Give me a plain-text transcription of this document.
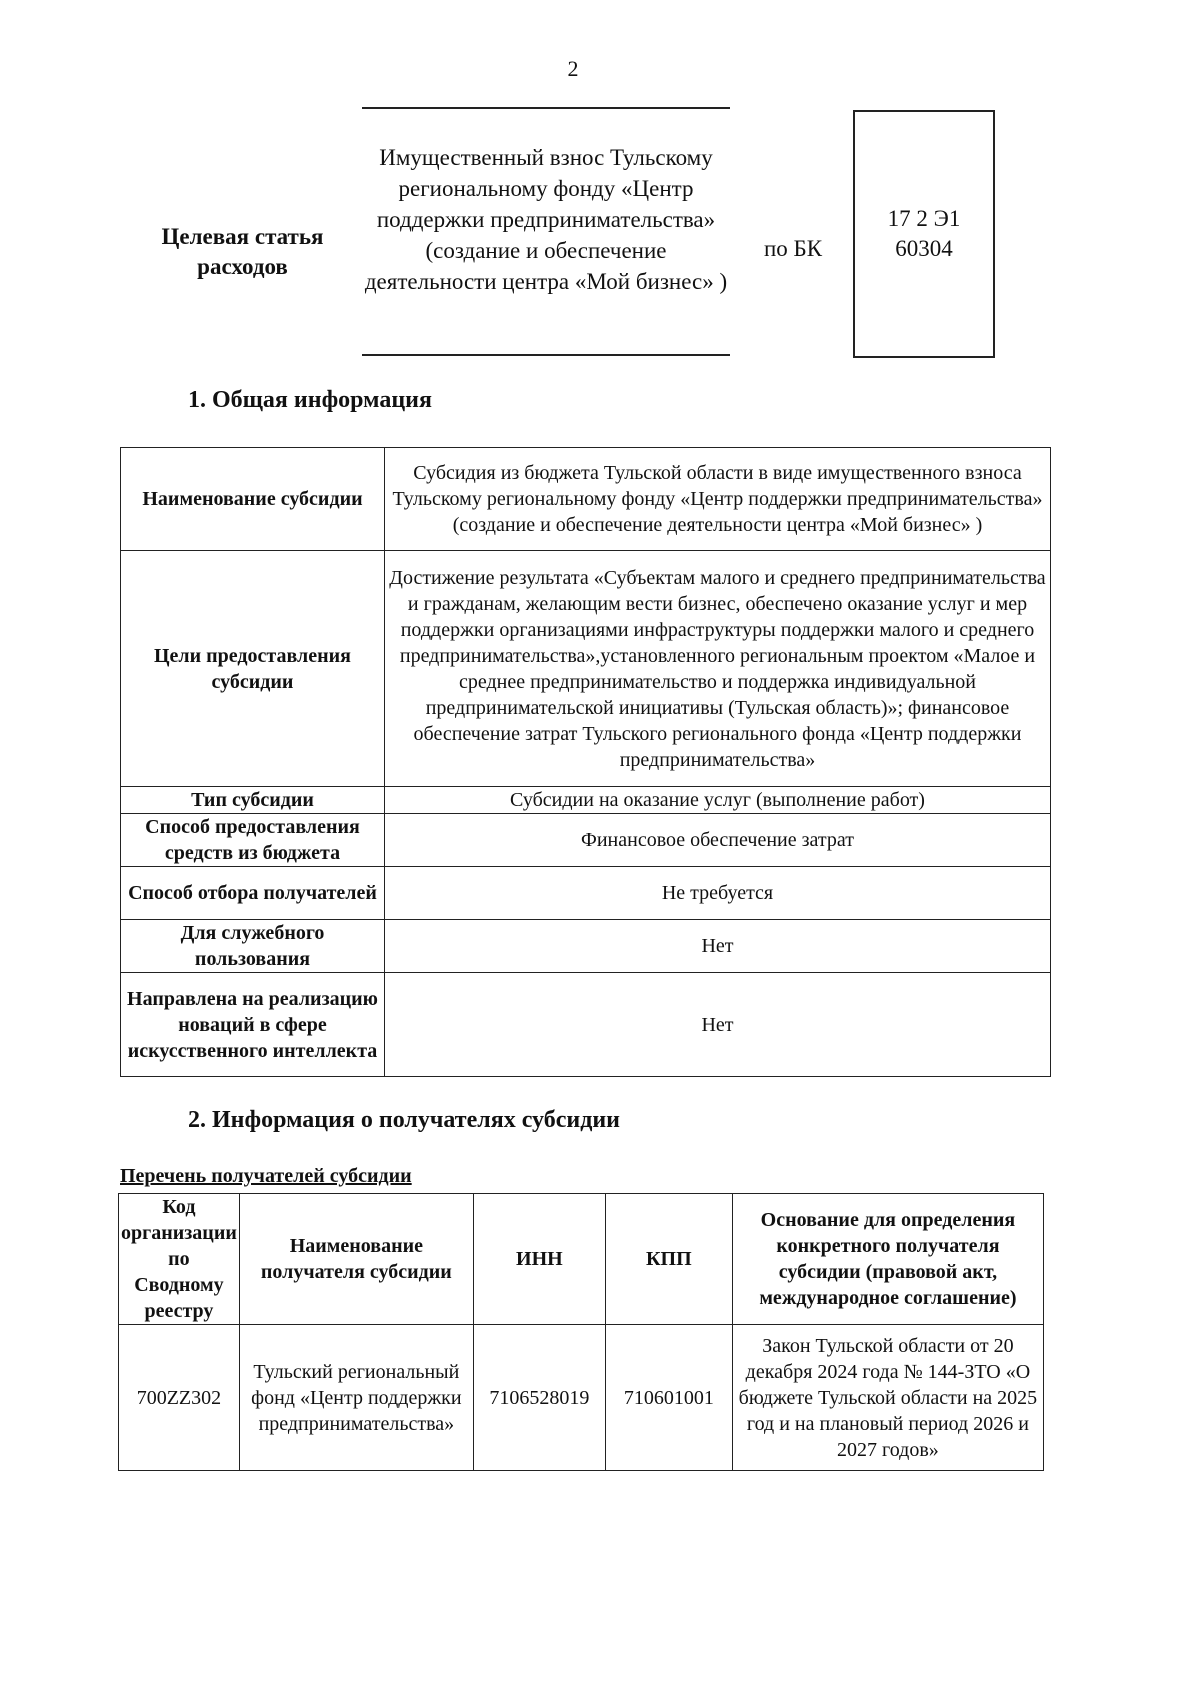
2
Целевая статья расходов
Имущественный взнос Тульскому региональному фонду «Центр поддержки предпринимательства» (создание и обеспечение деятельности центра «Мой бизнес» )
по БК
17 2 Э1
60304
1. Общая информация
Наименование субсидии	Субсидия из бюджета Тульской области в виде имущественного взноса Тульскому региональному фонду «Центр поддержки предпринимательства» (создание и обеспечение деятельности центра «Мой бизнес» )
Цели предоставления субсидии	Достижение результата «Субъектам малого и среднего предпринимательства и гражданам, желающим вести бизнес, обеспечено оказание услуг и мер поддержки организациями инфраструктуры поддержки малого и среднего предпринимательства»,установленного региональным проектом «Малое и среднее предпринимательство и поддержка индивидуальной предпринимательской инициативы (Тульская область)»; финансовое обеспечение затрат Тульского регионального фонда «Центр поддержки предпринимательства»
Тип субсидии	Субсидии на оказание услуг (выполнение работ)
Способ предоставления средств из бюджета	Финансовое обеспечение затрат
Способ отбора получателей	Не требуется
Для служебного пользования	Нет
Направлена на реализацию новаций в сфере искусственного интеллекта	Нет
2. Информация о получателях субсидии
Перечень получателей субсидии
Код организации по Сводному реестру	Наименование получателя субсидии	ИНН	КПП	Основание для определения конкретного получателя субсидии (правовой акт, международное соглашение)
700ZZ302	Тульский региональный фонд «Центр поддержки предпринимательства»	7106528019	710601001	Закон Тульской области от 20 декабря 2024 года № 144-ЗТО «О бюджете Тульской области на 2025 год и на плановый период 2026 и 2027 годов»
